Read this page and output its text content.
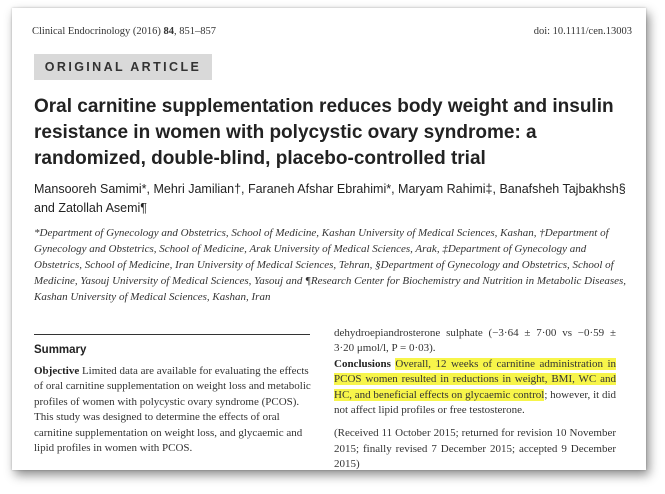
Clinical Endocrinology (2016) 84, 851–857	doi: 10.1111/cen.13003
ORIGINAL ARTICLE
Oral carnitine supplementation reduces body weight and insulin resistance in women with polycystic ovary syndrome: a randomized, double-blind, placebo-controlled trial
Mansooreh Samimi*, Mehri Jamilian†, Faraneh Afshar Ebrahimi*, Maryam Rahimi‡, Banafsheh Tajbakhsh§ and Zatollah Asemi¶
*Department of Gynecology and Obstetrics, School of Medicine, Kashan University of Medical Sciences, Kashan, †Department of Gynecology and Obstetrics, School of Medicine, Arak University of Medical Sciences, Arak, ‡Department of Gynecology and Obstetrics, School of Medicine, Iran University of Medical Sciences, Tehran, §Department of Gynecology and Obstetrics, School of Medicine, Yasouj University of Medical Sciences, Yasouj and ¶Research Center for Biochemistry and Nutrition in Metabolic Diseases, Kashan University of Medical Sciences, Kashan, Iran
Summary
Objective Limited data are available for evaluating the effects of oral carnitine supplementation on weight loss and metabolic profiles of women with polycystic ovary syndrome (PCOS). This study was designed to determine the effects of oral carnitine supplementation on weight loss, and glycaemic and lipid profiles in women with PCOS.
dehydroepiandrosterone sulphate (−3·64 ± 7·00 vs −0·59 ± 3·20 μmol/l, P = 0·03).
Conclusions Overall, 12 weeks of carnitine administration in PCOS women resulted in reductions in weight, BMI, WC and HC, and beneficial effects on glycaemic control; however, it did not affect lipid profiles or free testosterone.
(Received 11 October 2015; returned for revision 10 November 2015; finally revised 7 December 2015; accepted 9 December 2015)
